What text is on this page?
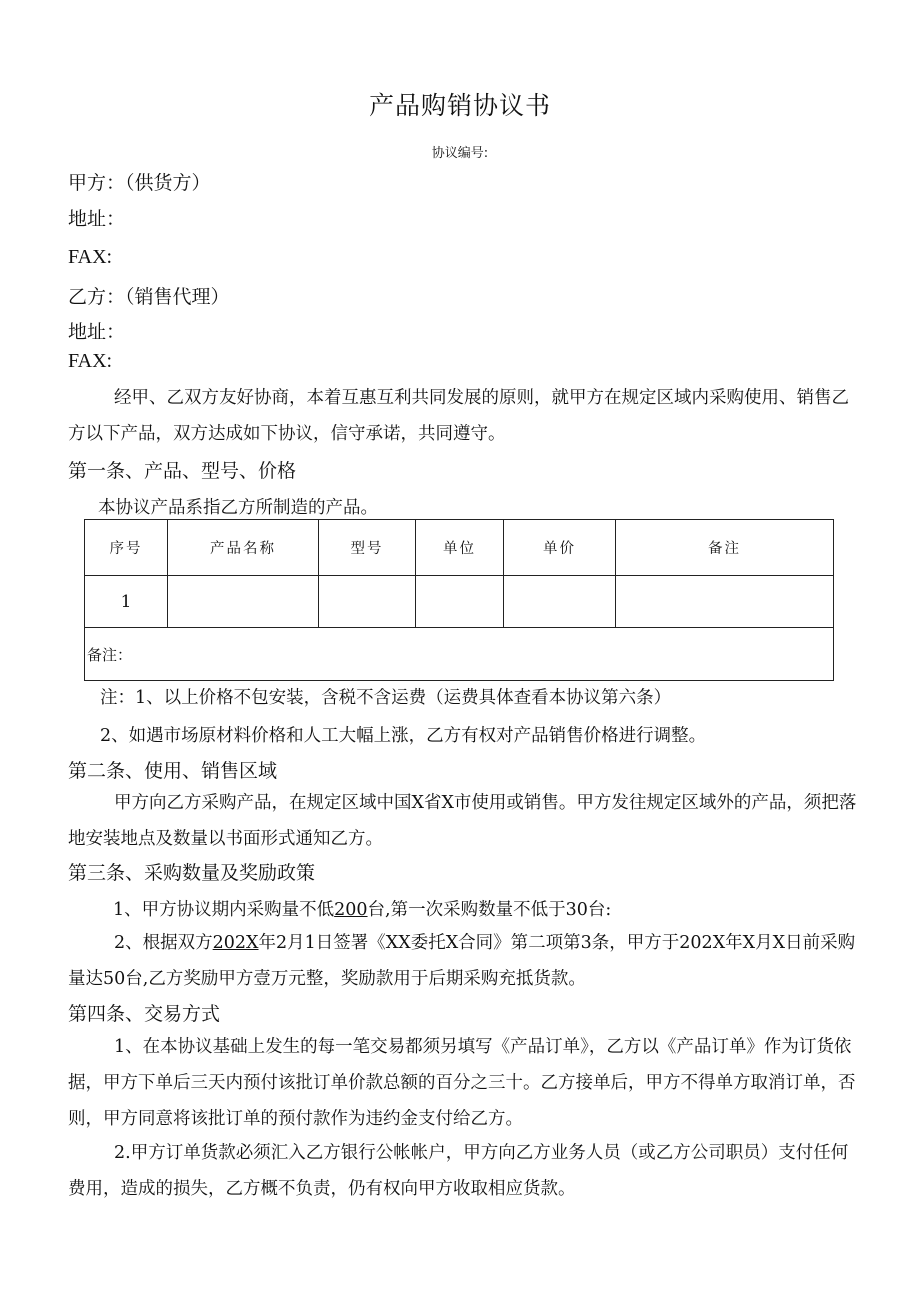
产品购销协议书
协议编号:
甲方：（供货方）
地址：
FAX:
乙方：（销售代理）
地址：
FAX:
经甲、乙双方友好协商，本着互惠互利共同发展的原则，就甲方在规定区域内采购使用、销售乙方以下产品，双方达成如下协议，信守承诺，共同遵守。
第一条、产品、型号、价格
本协议产品系指乙方所制造的产品。
序号	产品名称	型号	单位	单价	备注
1					
备注：					
注：1、以上价格不包安装，含税不含运费（运费具体查看本协议第六条）
2、如遇市场原材料价格和人工大幅上涨，乙方有权对产品销售价格进行调整。
第二条、使用、销售区域
甲方向乙方采购产品，在规定区域中国X省X市使用或销售。甲方发往规定区域外的产品，须把落地安装地点及数量以书面形式通知乙方。
第三条、采购数量及奖励政策
1、甲方协议期内采购量不低200台,第一次采购数量不低于30台:
2、根据双方202X年2月1日签署《XX委托X合同》第二项第3条，甲方于202X年X月X日前采购量达50台,乙方奖励甲方壹万元整，奖励款用于后期采购充抵货款。
第四条、交易方式
1、在本协议基础上发生的每一笔交易都须另填写《产品订单》，乙方以《产品订单》作为订货依据，甲方下单后三天内预付该批订单价款总额的百分之三十。乙方接单后，甲方不得单方取消订单，否则，甲方同意将该批订单的预付款作为违约金支付给乙方。
2.甲方订单货款必须汇入乙方银行公帐帐户，甲方向乙方业务人员（或乙方公司职员）支付任何费用，造成的损失，乙方概不负责，仍有权向甲方收取相应货款。
